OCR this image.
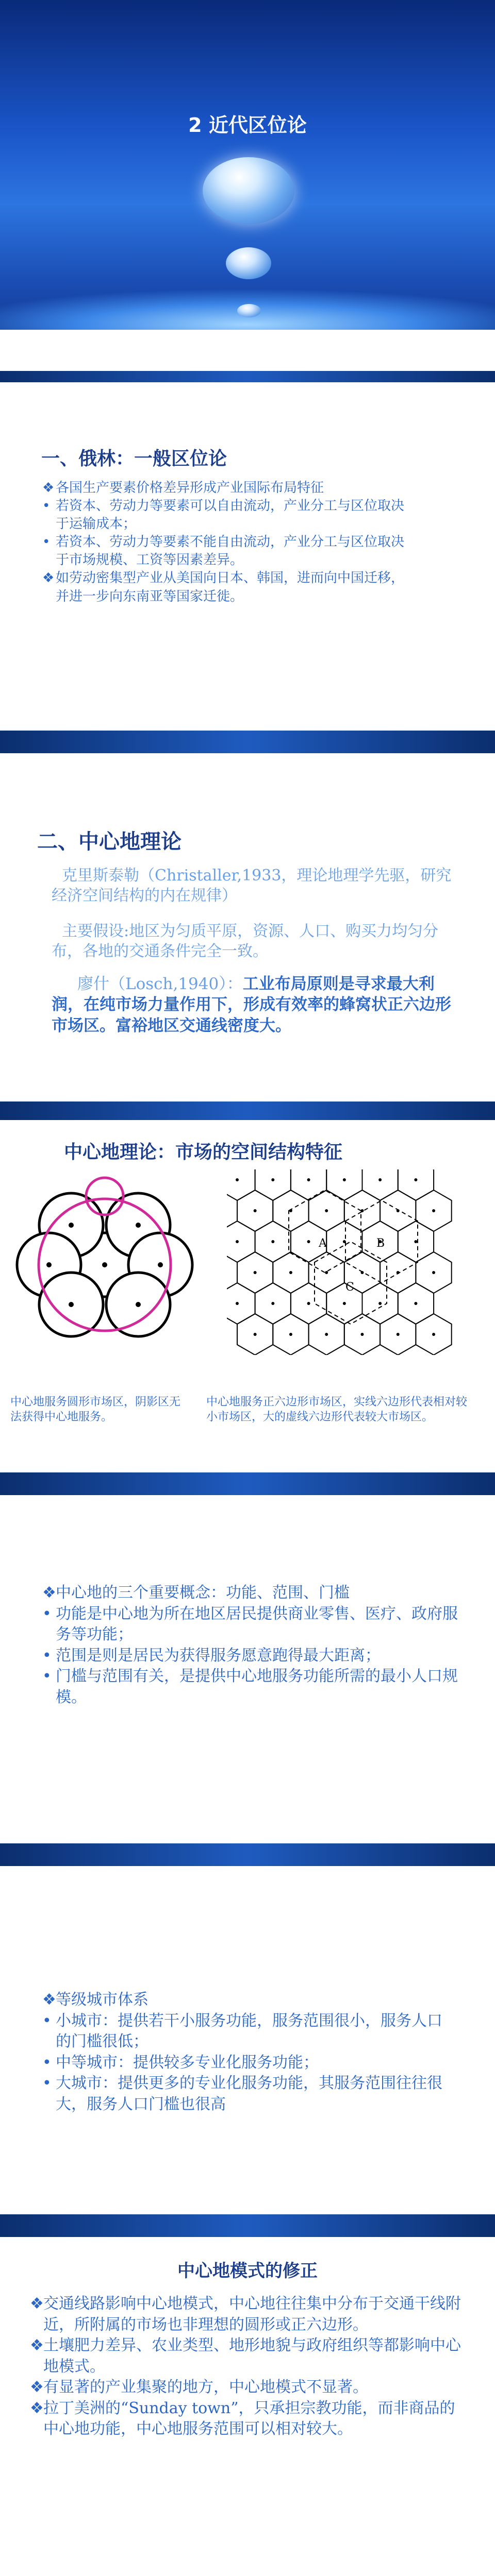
2 近代区位论
一、俄林：一般区位论
❖ 各国生产要素价格差异形成产业国际布局特征
• 若资本、劳动力等要素可以自由流动，产业分工与区位取决于运输成本；
• 若资本、劳动力等要素不能自由流动，产业分工与区位取决于市场规模、工资等因素差异。
❖ 如劳动密集型产业从美国向日本、韩国，进而向中国迁移，并进一步向东南亚等国家迁徙。
二、中心地理论
克里斯泰勒（Christaller,1933，理论地理学先驱，研究经济空间结构的内在规律）
主要假设:地区为匀质平原，资源、人口、购买力均匀分布，各地的交通条件完全一致。
廖什（Losch,1940）：工业布局原则是寻求最大利润，在纯市场力量作用下，形成有效率的蜂窝状正六边形市场区。富裕地区交通线密度大。
中心地理论：市场的空间结构特征
A	B
C
中心地服务圆形市场区，阴影区无法获得中心地服务。
中心地服务正六边形市场区，实线六边形代表相对较小市场区，大的虚线六边形代表较大市场区。
❖ 中心地的三个重要概念：功能、范围、门槛
• 功能是中心地为所在地区居民提供商业零售、医疗、政府服务等功能；
• 范围是则是居民为获得服务愿意跑得最大距离；
• 门槛与范围有关，是提供中心地服务功能所需的最小人口规模。
❖ 等级城市体系
• 小城市：提供若干小服务功能，服务范围很小，服务人口的门槛很低；
• 中等城市：提供较多专业化服务功能；
• 大城市：提供更多的专业化服务功能，其服务范围往往很大，服务人口门槛也很高
中心地模式的修正
❖ 交通线路影响中心地模式，中心地往往集中分布于交通干线附近，所附属的市场也非理想的圆形或正六边形。
❖ 土壤肥力差异、农业类型、地形地貌与政府组织等都影响中心地模式。
❖ 有显著的产业集聚的地方，中心地模式不显著。
❖ 拉丁美洲的“Sunday town”，只承担宗教功能，而非商品的中心地功能，中心地服务范围可以相对较大。
